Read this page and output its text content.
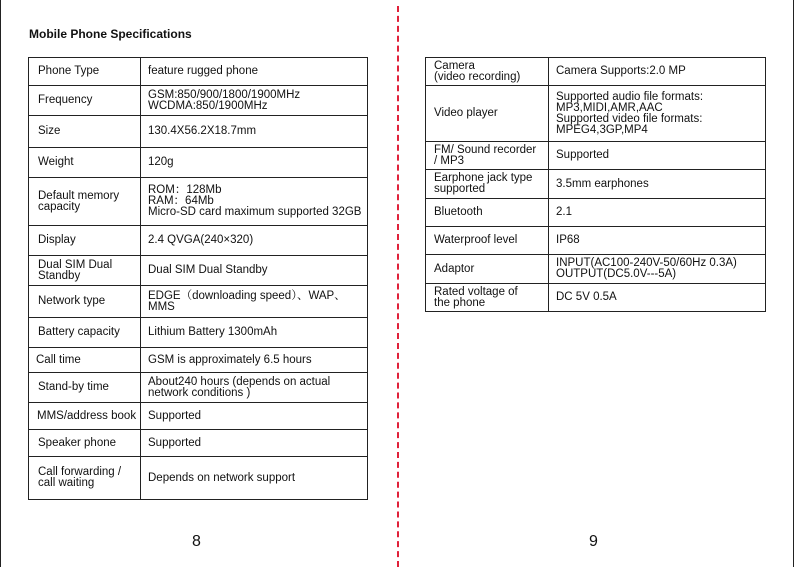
Mobile Phone Specifications
Phone Type	feature rugged phone
Frequency	GSM:850/900/1800/1900MHz
WCDMA:850/1900MHz
Size	130.4X56.2X18.7mm
Weight	120g
Default memory
capacity	ROM：128Mb
RAM：64Mb
Micro-SD card maximum supported 32GB
Display	2.4 QVGA(240×320)
Dual SIM Dual
Standby	Dual SIM Dual Standby
Network type	EDGE（downloading speed）、WAP、
MMS
Battery capacity	Lithium Battery 1300mAh
Call time	GSM is approximately 6.5 hours
Stand-by time	About240 hours (depends on actual
network conditions )
MMS/address book	Supported
Speaker phone	Supported
Call forwarding /
call waiting	Depends on network support
Camera
(video recording)	Camera Supports:2.0 MP
Video player	Supported audio file formats:
MP3,MIDI,AMR,AAC
Supported video file formats:
MPEG4,3GP,MP4
FM/ Sound recorder
/ MP3	Supported
Earphone jack type
supported	3.5mm earphones
Bluetooth	2.1
Waterproof level	IP68
Adaptor	INPUT(AC100-240V-50/60Hz 0.3A)
OUTPUT(DC5.0V---5A)
Rated voltage of
the phone	DC 5V 0.5A
8	9
